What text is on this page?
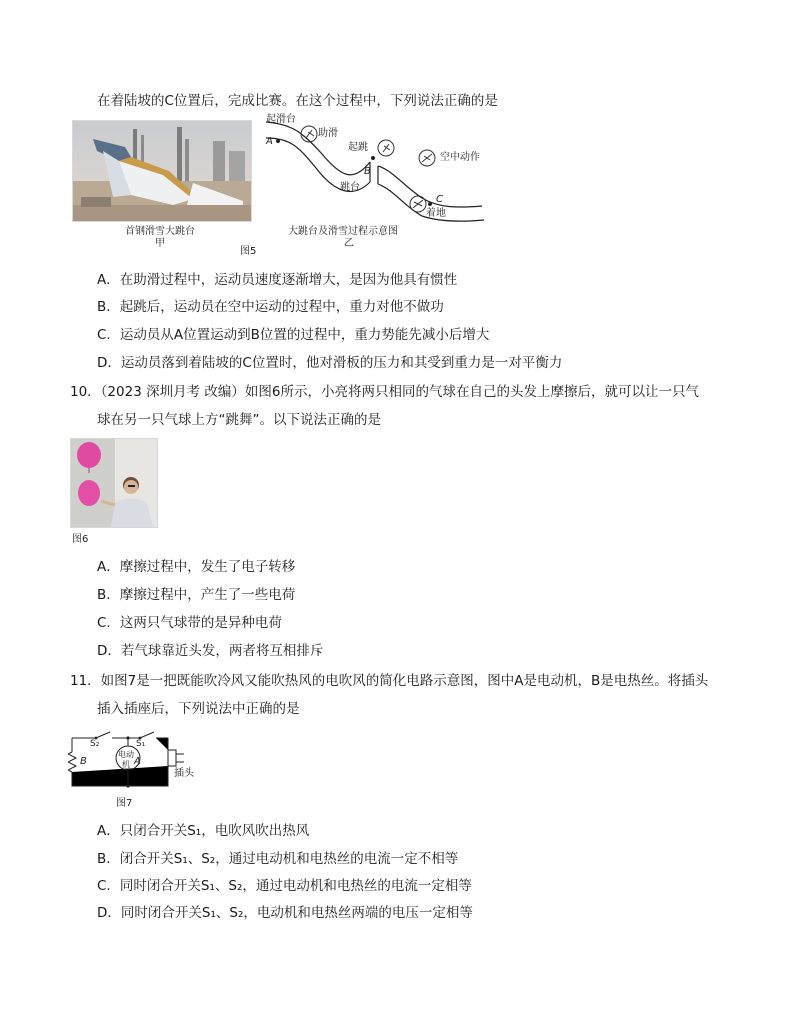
在着陆坡的C位置后，完成比赛。在这个过程中，下列说法正确的是
首钢滑雪大跳台
甲
起滑台
A
助滑
起跳
空中动作
B
跳台
C
着地
大跳台及滑雪过程示意图
乙
图5
A．在助滑过程中，运动员速度逐渐增大，是因为他具有惯性
B．起跳后，运动员在空中运动的过程中，重力对他不做功
C．运动员从A位置运动到B位置的过程中，重力势能先减小后增大
D．运动员落到着陆坡的C位置时，他对滑板的压力和其受到重力是一对平衡力
10．（2023 深圳月考 改编）如图6所示，小亮将两只相同的气球在自己的头发上摩擦后，就可以让一只气
球在另一只气球上方“跳舞”。以下说法正确的是
图6
A．摩擦过程中，发生了电子转移
B．摩擦过程中，产生了一些电荷
C．这两只气球带的是异种电荷
D．若气球靠近头发，两者将互相排斥
11．如图7是一把既能吹冷风又能吹热风的电吹风的简化电路示意图，图中A是电动机，B是电热丝。将插头
插入插座后，下列说法中正确的是
S₂	S₁
电动
机 A
B
插头
图7
A．只闭合开关S₁，电吹风吹出热风
B．闭合开关S₁、S₂，通过电动机和电热丝的电流一定不相等
C．同时闭合开关S₁、S₂，通过电动机和电热丝的电流一定相等
D．同时闭合开关S₁、S₂，电动机和电热丝两端的电压一定相等
